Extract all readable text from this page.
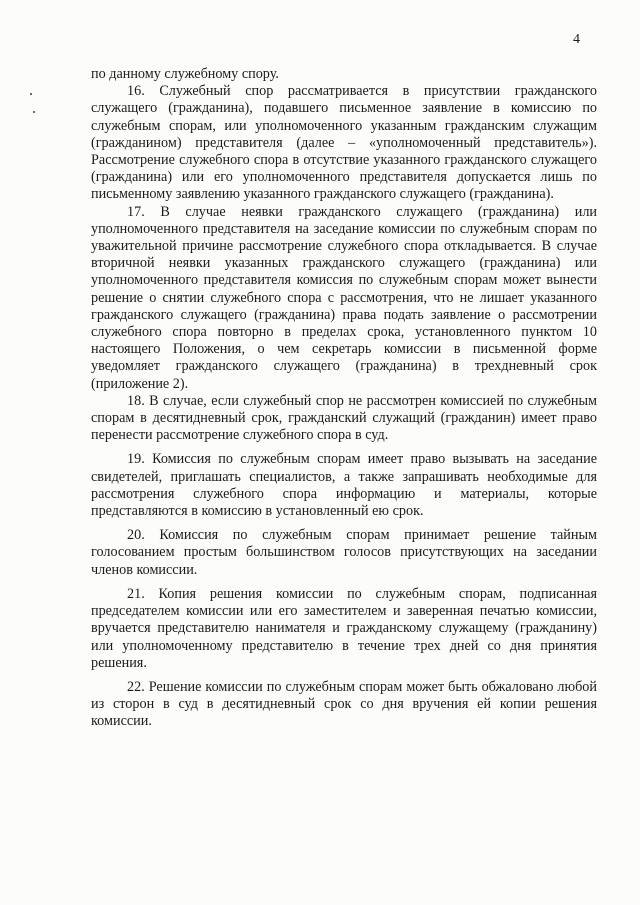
4

по данному служебному спору.

16. Служебный спор рассматривается в присутствии гражданского служащего (гражданина), подавшего письменное заявление в комиссию по служебным спорам, или уполномоченного указанным гражданским служащим (гражданином) представителя (далее – «уполномоченный представитель»). Рассмотрение служебного спора в отсутствие указанного гражданского служащего (гражданина) или его уполномоченного представителя допускается лишь по письменному заявлению указанного гражданского служащего (гражданина).

17. В случае неявки гражданского служащего (гражданина) или уполномоченного представителя на заседание комиссии по служебным спорам по уважительной причине рассмотрение служебного спора откладывается. В случае вторичной неявки указанных гражданского служащего (гражданина) или уполномоченного представителя комиссия по служебным спорам может вынести решение о снятии служебного спора с рассмотрения, что не лишает указанного гражданского служащего (гражданина) права подать заявление о рассмотрении служебного спора повторно в пределах срока, установленного пунктом 10 настоящего Положения, о чем секретарь комиссии в письменной форме уведомляет гражданского служащего (гражданина) в трехдневный срок (приложение 2).

18. В случае, если служебный спор не рассмотрен комиссией по служебным спорам в десятидневный срок, гражданский служащий (гражданин) имеет право перенести рассмотрение служебного спора в суд.

19. Комиссия по служебным спорам имеет право вызывать на заседание свидетелей, приглашать специалистов, а также запрашивать необходимые для рассмотрения служебного спора информацию и материалы, которые представляются в комиссию в установленный ею срок.

20. Комиссия по служебным спорам принимает решение тайным голосованием простым большинством голосов присутствующих на заседании членов комиссии.

21. Копия решения комиссии по служебным спорам, подписанная председателем комиссии или его заместителем и заверенная печатью комиссии, вручается представителю нанимателя и гражданскому служащему (гражданину) или уполномоченному представителю в течение трех дней со дня принятия решения.

22. Решение комиссии по служебным спорам может быть обжаловано любой из сторон в суд в десятидневный срок со дня вручения ей копии решения комиссии.
